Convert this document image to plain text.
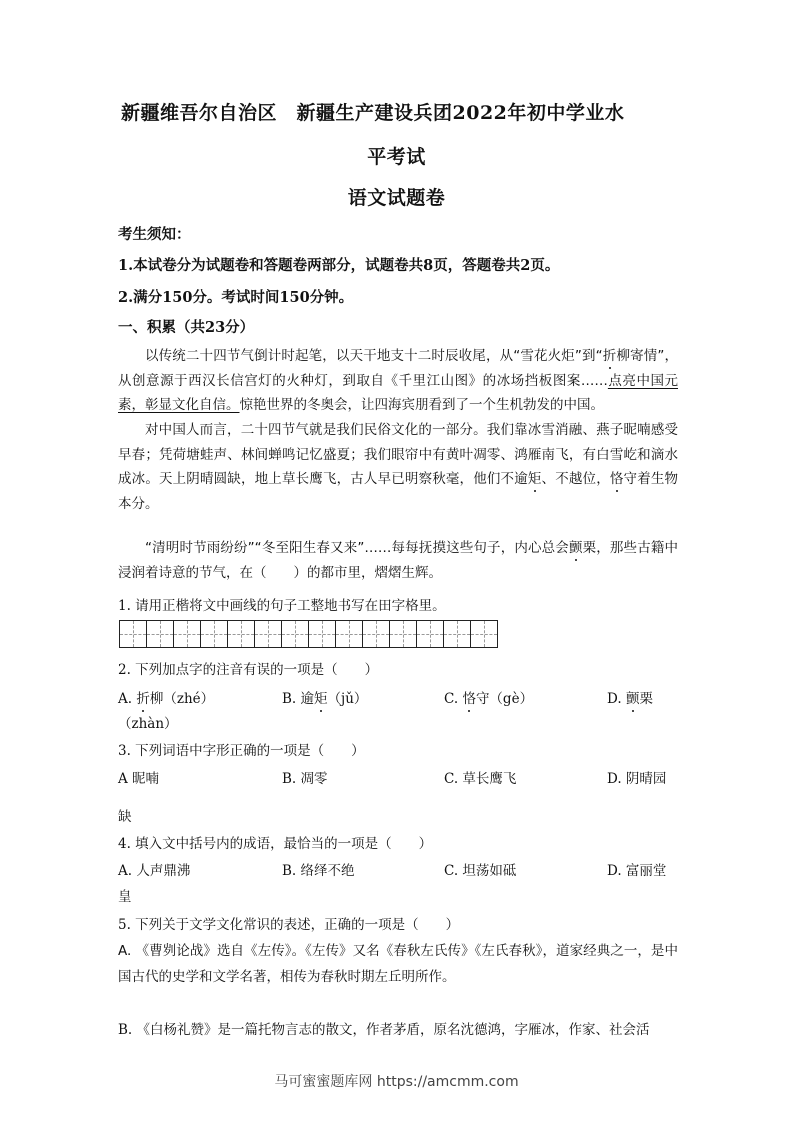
新疆维吾尔自治区　新疆生产建设兵团2022年初中学业水
平考试
语文试题卷
考生须知：
1.本试卷分为试题卷和答题卷两部分，试题卷共8页，答题卷共2页。
2.满分150分。考试时间150分钟。
一、积累（共23分）
以传统二十四节气倒计时起笔，以天干地支十二时辰收尾，从“雪花火炬”到“折柳寄情”，从创意源于西汉长信宫灯的火种灯，到取自《千里江山图》的冰场挡板图案……点亮中国元素，彰显文化自信。惊艳世界的冬奥会，让四海宾朋看到了一个生机勃发的中国。
对中国人而言，二十四节气就是我们民俗文化的一部分。我们靠冰雪消融、燕子昵喃感受早春；凭荷塘蛙声、林间蝉鸣记忆盛夏；我们眼帘中有黄叶凋零、鸿雁南飞，有白雪屹和滴水成冰。天上阴晴圆缺，地上草长鹰飞，古人早已明察秋毫，他们不逾矩、不越位，恪守着生物本分。
“清明时节雨纷纷”“冬至阳生春又来”……每每抚摸这些句子，内心总会颤栗，那些古籍中浸润着诗意的节气，在（　　）的都市里，熠熠生辉。
1. 请用正楷将文中画线的句子工整地书写在田字格里。
2. 下列加点字的注音有误的一项是（　　）
A. 折柳（zhé）	B. 逾矩（jǔ）	C. 恪守（gè）	D. 颤栗
（zhàn）
3. 下列词语中字形正确的一项是（　　）
A 昵喃	B. 凋零	C. 草长鹰飞	D. 阴晴园
缺
4. 填入文中括号内的成语，最恰当的一项是（　　）
A. 人声鼎沸	B. 络绎不绝	C. 坦荡如砥	D. 富丽堂
皇
5. 下列关于文学文化常识的表述，正确的一项是（　　）
A. 《曹刿论战》选自《左传》。《左传》又名《春秋左氏传》《左氏春秋》，道家经典之一，是中国古代的史学和文学名著，相传为春秋时期左丘明所作。
B. 《白杨礼赞》是一篇托物言志的散文，作者茅盾，原名沈德鸿，字雁冰，作家、社会活
马可蜜蜜题库网 https://amcmm.com
